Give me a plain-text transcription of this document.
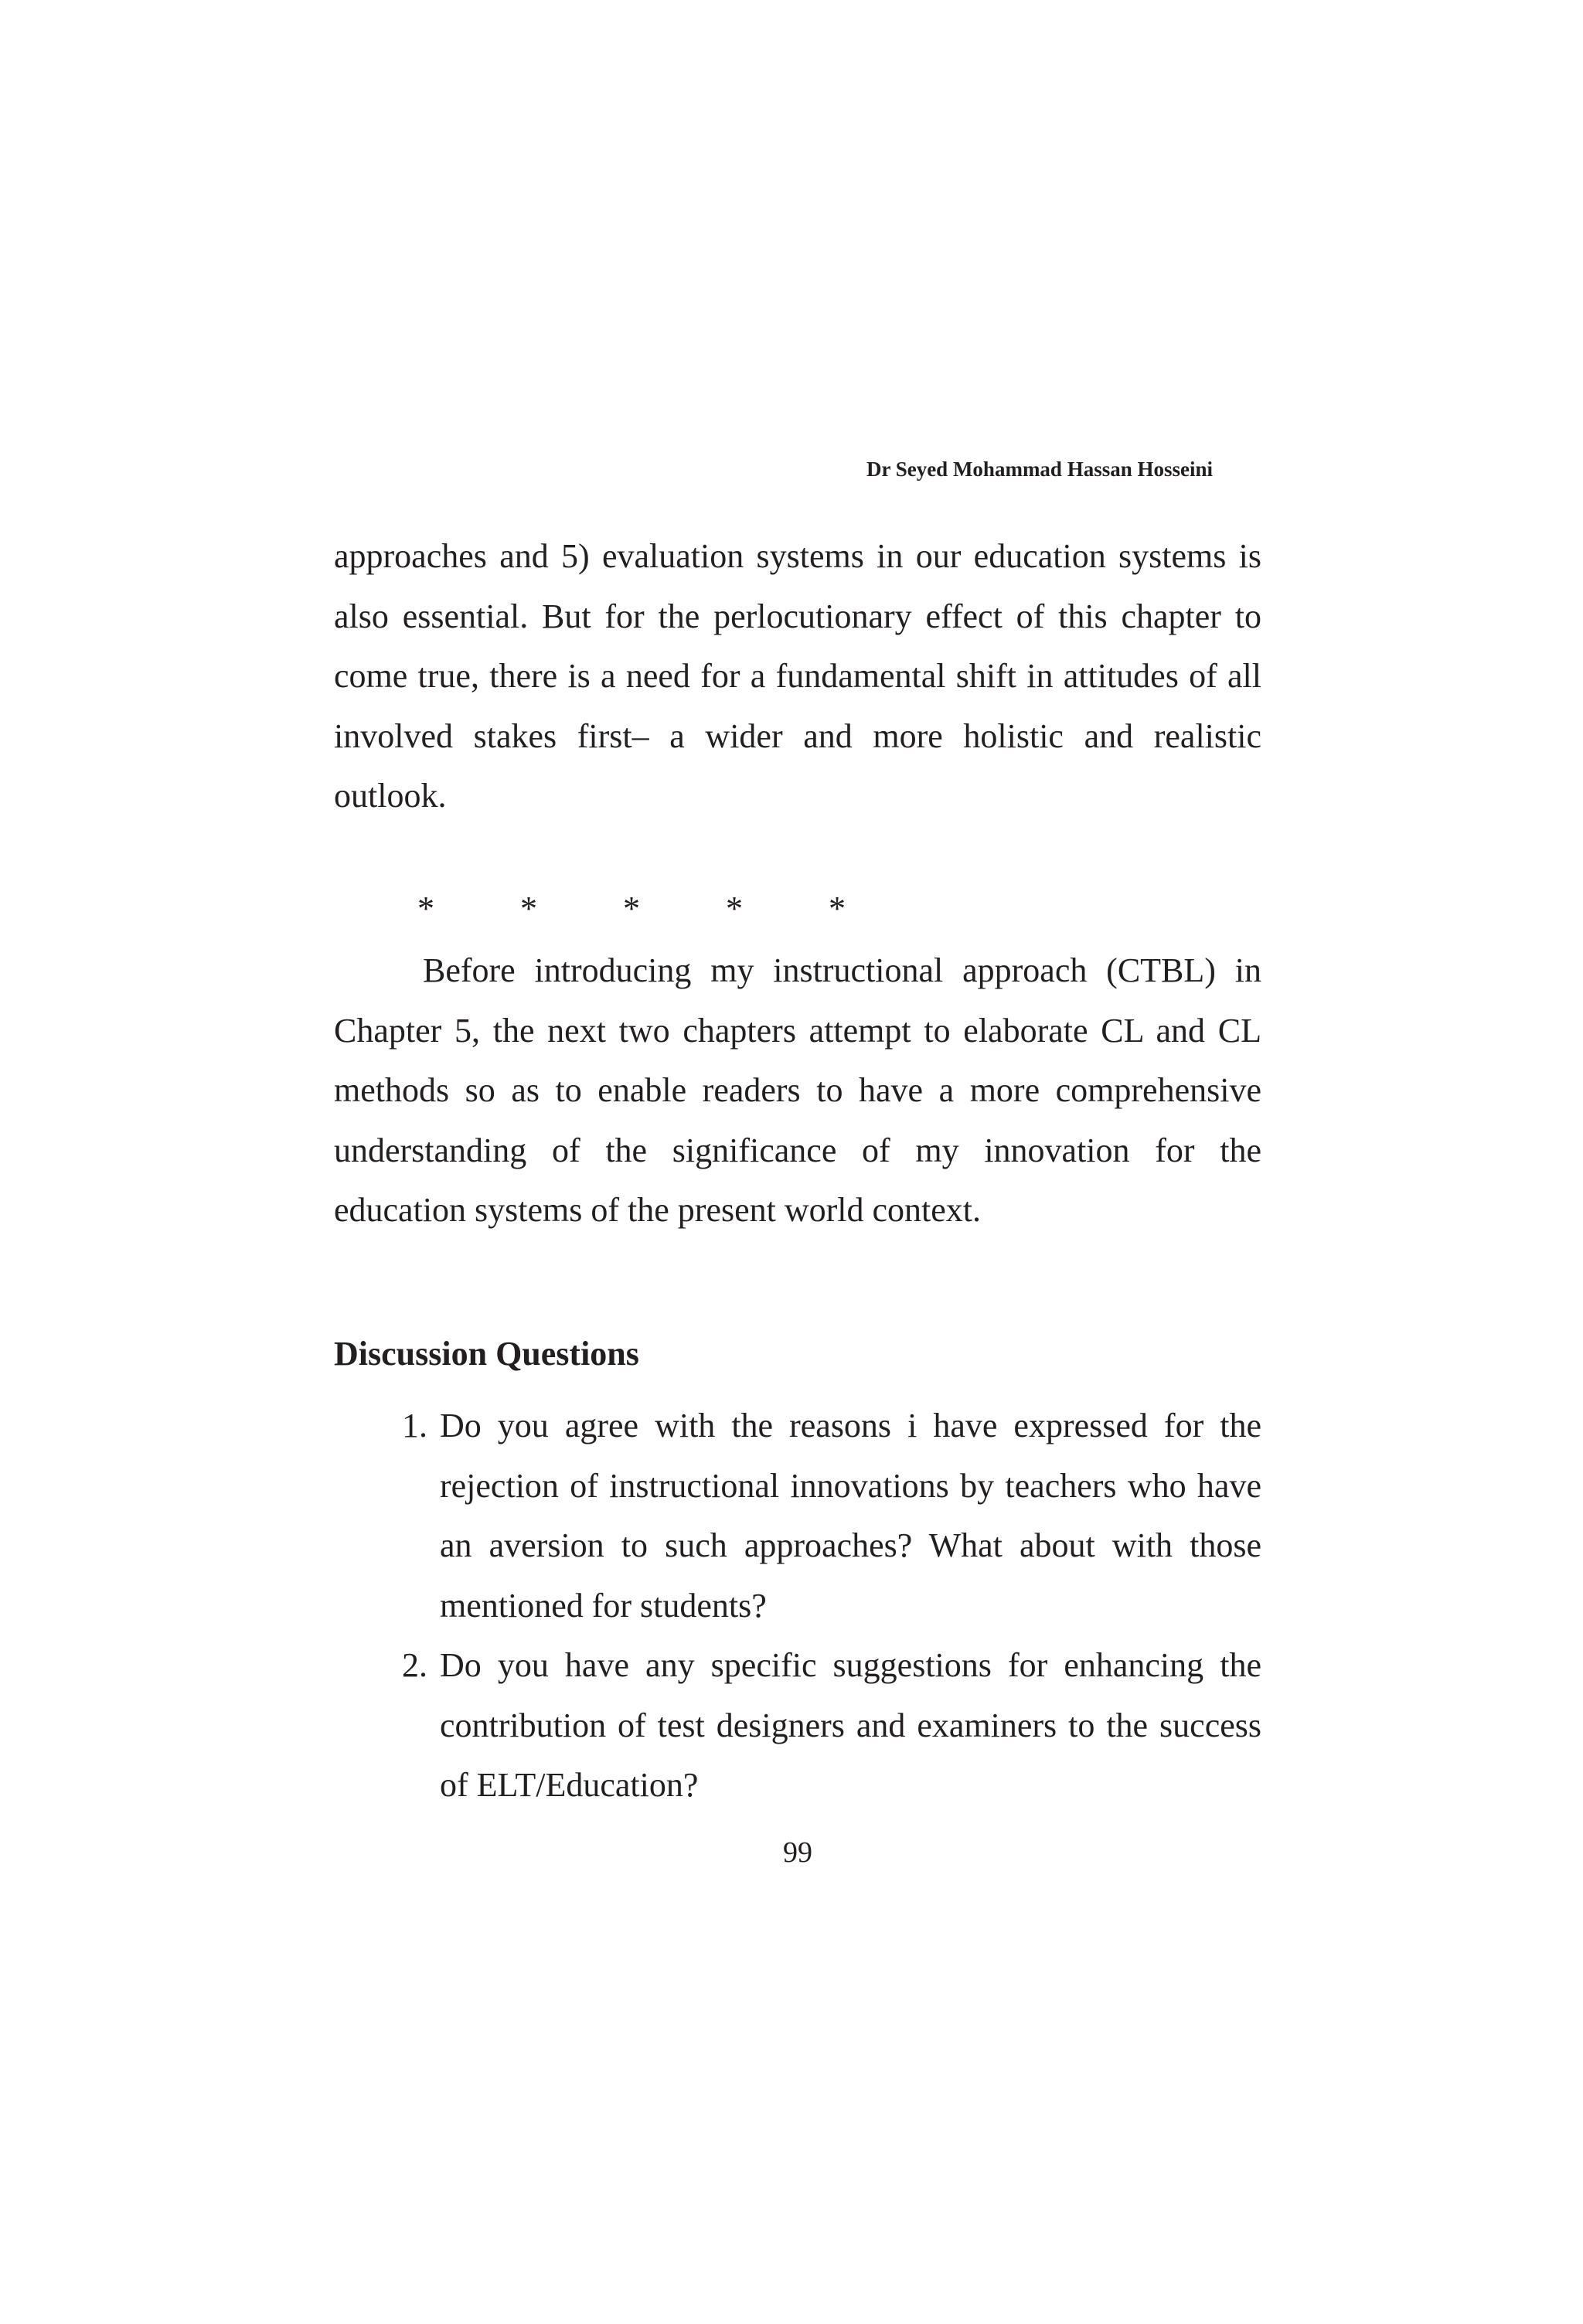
Dr Seyed Mohammad Hassan Hosseini

approaches and 5) evaluation systems in our education systems is also essential. But for the perlocutionary effect of this chapter to come true, there is a need for a fundamental shift in attitudes of all involved stakes first– a wider and more holistic and realistic outlook.

*	*	*	*	*

Before introducing my instructional approach (CTBL) in Chapter 5, the next two chapters attempt to elaborate CL and CL methods so as to enable readers to have a more comprehensive understanding of the significance of my innovation for the education systems of the present world context.

Discussion Questions
1. Do you agree with the reasons i have expressed for the rejection of instructional innovations by teachers who have an aversion to such approaches? What about with those mentioned for students?

2. Do you have any specific suggestions for enhancing the contribution of test designers and examiners to the success of ELT/Education?

99
